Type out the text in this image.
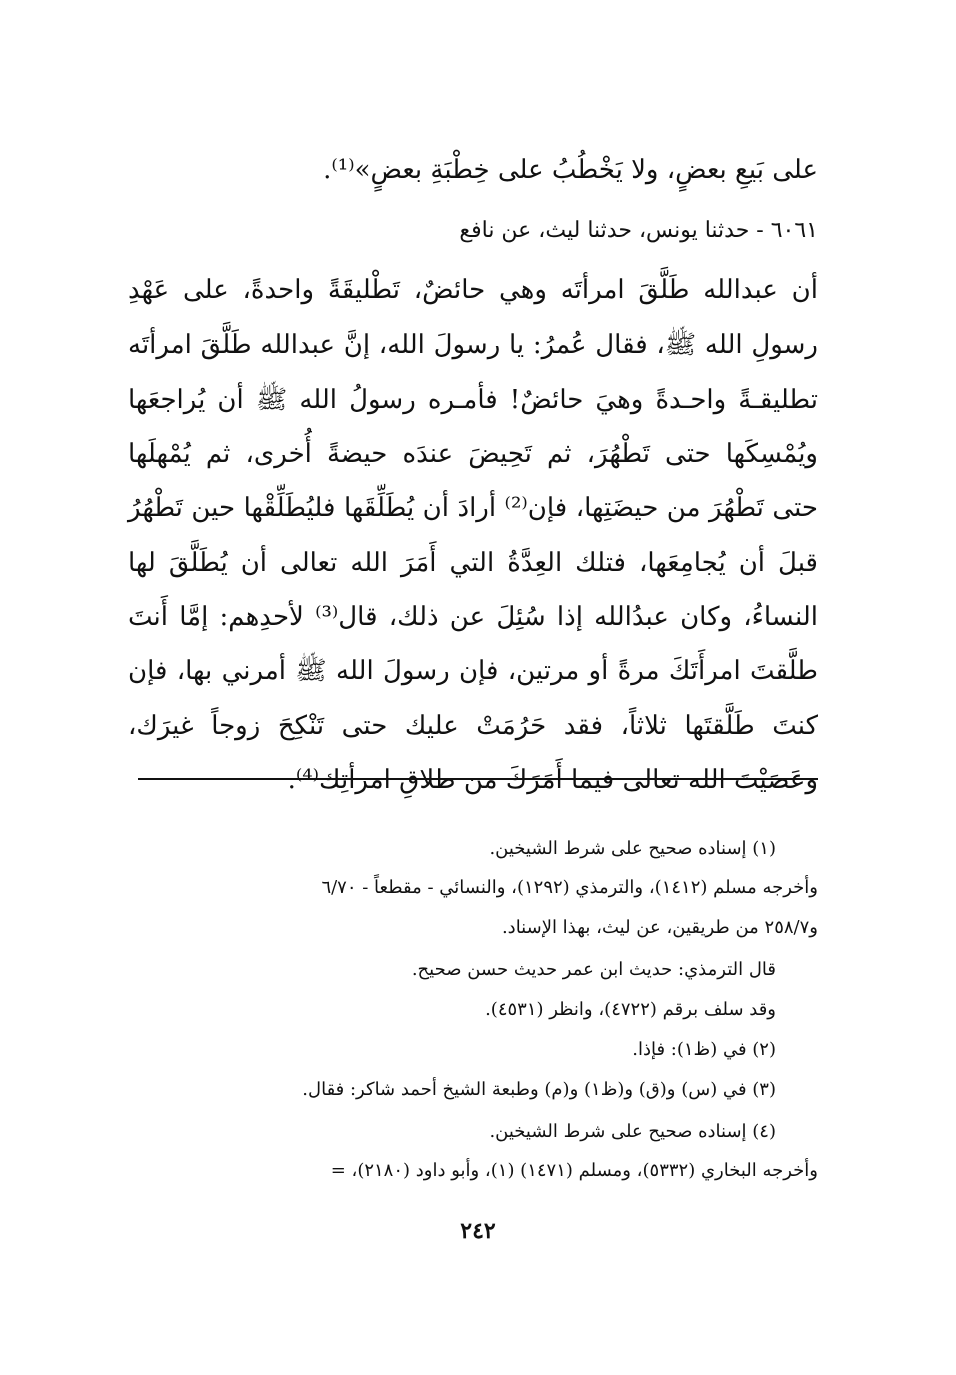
على بَيعِ بعضٍ، ولا يَخْطُبُ على خِطْبَةِ بعضٍ»⁽¹⁾.
٦٠٦١ - حدثنا يونس، حدثنا ليث، عن نافع
أن عبدالله طَلَّقَ امرأتَه وهي حائضٌ، تَطْليقَةً واحدةً، على عَهْدِ
رسولِ الله ﷺ، فقال عُمرُ: يا رسولَ الله، إنَّ عبدالله طَلَّقَ امرأتَه
تطليقـةً واحـدةً وهيَ حائضٌ! فأمـره رسولُ الله ﷺ أن يُراجعَها
ويُمْسِكَها حتى تَطْهُرَ، ثم تَحِيضَ عندَه حيضةً أُخرى، ثم يُمْهلَها
حتى تَطْهُرَ من حيضَتِها، فإن⁽²⁾ أرادَ أن يُطَلِّقَها فليُطَلِّقْها حين تَطْهُرُ
قبلَ أن يُجامِعَها، فتلك العِدَّةُ التي أَمَرَ الله تعالى أن يُطَلَّقَ لها
النساءُ، وكان عبدُالله إذا سُئِلَ عن ذلك، قال⁽³⁾ لأحدِهم: إمَّا أَنتَ
طلَّقتَ امرأَتَكَ مرةً أو مرتين، فإن رسولَ الله ﷺ أمرني بها، فإن
كنتَ طَلَّقتَها ثلاثاً، فقد حَرُمَتْ عليك حتى تَنْكِحَ زوجاً غيرَك،
وعَصَيْتَ الله تعالى فيما أَمَرَكَ من طلاقِ امرأتِك⁽⁴⁾.
(١) إسناده صحيح على شرط الشيخين.
وأخرجه مسلم (١٤١٢)، والترمذي (١٢٩٢)، والنسائي - مقطعاً - ٦/٧٠
و٢٥٨/٧ من طريقين، عن ليث، بهذا الإسناد.
قال الترمذي: حديث ابن عمر حديث حسن صحيح.
وقد سلف برقم (٤٧٢٢)، وانظر (٤٥٣١).
(٢) في (ظ١): فإذا.
(٣) في (س) و(ق) و(ظ١) و(م) وطبعة الشيخ أحمد شاكر: فقال.
(٤) إسناده صحيح على شرط الشيخين.
وأخرجه البخاري (٥٣٣٢)، ومسلم (١٤٧١) (١)، وأبو داود (٢١٨٠)، =
٢٤٢
